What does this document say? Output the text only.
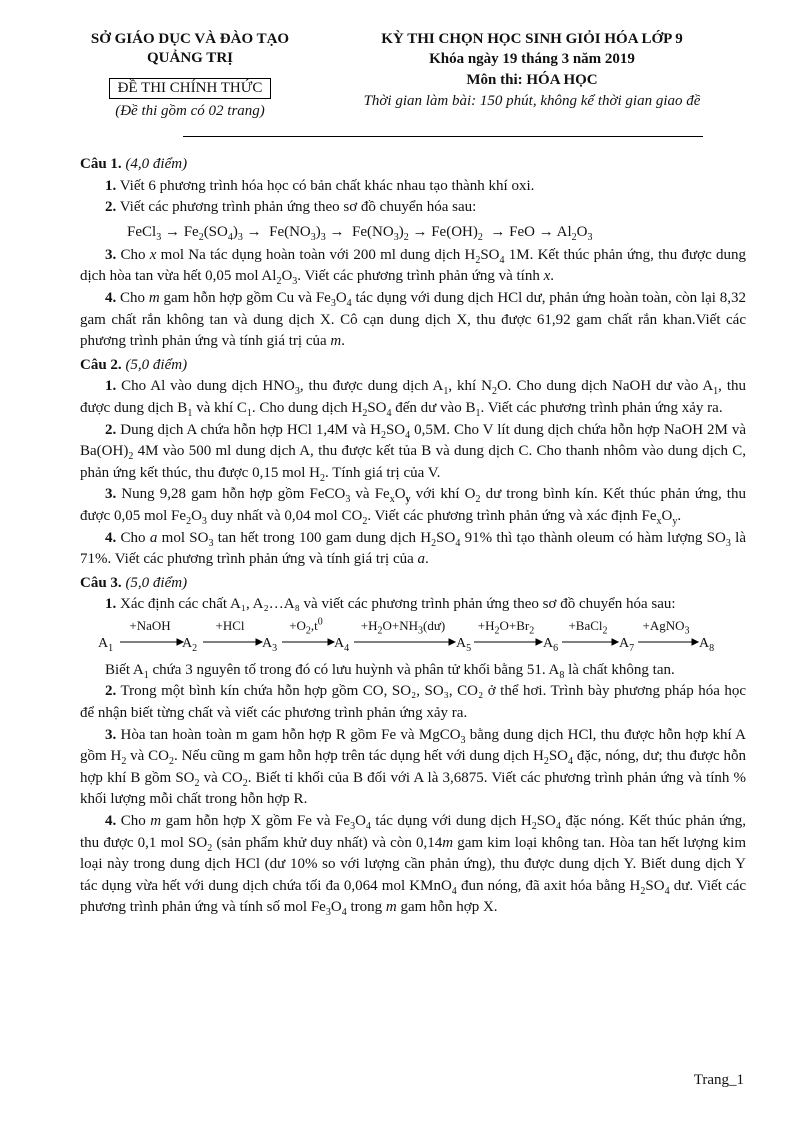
SỞ GIÁO DỤC VÀ ĐÀO TẠO
QUẢNG TRỊ
ĐỀ THI CHÍNH THỨC
(Đề thi gồm có 02 trang)
KỲ THI CHỌN HỌC SINH GIỎI HÓA LỚP 9
Khóa ngày 19 tháng 3 năm 2019
Môn thi: HÓA HỌC
Thời gian làm bài: 150 phút, không kể thời gian giao đề

Câu 1. (4,0 điểm)

1. Viết 6 phương trình hóa học có bản chất khác nhau tạo thành khí oxi.

2. Viết các phương trình phản ứng theo sơ đồ chuyển hóa sau:

FeCl$_3$ → $Fe_2(SO_4)_3 \to Fe(NO_3)_3 \to Fe(NO_3)_2 \to Fe(OH)_2$  → FeO → $Al_2O_3$

3. Cho x mol Na tác dụng hoàn toàn với 200 ml dung dịch $H_2SO_4$ 1M. Kết thúc phản ứng, thu được dung dịch hòa tan vừa hết 0,05 mol $Al_2O_3$. Viết các phương trình phản ứng và tính x.

4. Cho m gam hỗn hợp gồm Cu và $Fe_3O_4$ tác dụng với dung dịch HCl dư, phản ứng hoàn toàn, còn lại 8,32 gam chất rắn không tan và dung dịch X. Cô cạn dung dịch X, thu được 61,92 gam chất rắn khan.Viết các phương trình phản ứng và tính giá trị của m.

Câu 2. (5,0 điểm)

1. Cho Al vào dung dịch $HNO_3$, thu được dung dịch $A_1$, khí $N_2O$. Cho dung dịch NaOH dư vào $A_1$, thu được dung dịch $B_1$ và khí $C_1$. Cho dung dịch $H_2SO_4$ đến dư vào $B_1$. Viết các phương trình phản ứng xảy ra.

2. Dung dịch A chứa hỗn hợp HCl 1,4M và $H_2SO_4$ 0,5M. Cho V lít dung dịch chứa hỗn hợp NaOH 2M và $Ba(OH)_2$ 4M vào 500 ml dung dịch A, thu được kết tủa B và dung dịch C. Cho thanh nhôm vào dung dịch C, phản ứng kết thúc, thu được 0,15 mol $H_2$. Tính giá trị của V.

3. Nung 9,28 gam hỗn hợp gồm FeCO$_3$ và $Fe_xO_y$ với khí $O_2$ dư trong bình kín. Kết thúc phản ứng, thu được 0,05 mol $Fe_2O_3$ duy nhất và 0,04 mol $CO_2$. Viết các phương trình phản ứng và xác định $Fe_xO_y$.

4. Cho a mol $SO_3$ tan hết trong 100 gam dung dịch $H_2SO_4$ 91% thì tạo thành oleum có hàm lượng $SO_3$ là 71%. Viết các phương trình phản ứng và tính giá trị của a.

Câu 3. (5,0 điểm)

1. Xác định các chất A₁, A₂…A₈ và viết các phương trình phản ứng theo sơ đồ chuyển hóa sau:

$A_1$	$A_2$	$A_3$	$A_4$	$A_5$	$A_6$	$A_7$	$A_8$
+NaOH	+HCl	$+O_2,t^0$	$+H_2O+NH_3(dư)$	$+H_2O+Br_2$	+BaCl$_2$	+AgNO$_3$

Biết $A_1$ chứa 3 nguyên tố trong đó có lưu huỳnh và phân tử khối bằng 51. $A_8$ là chất không tan.

2. Trong một bình kín chứa hỗn hợp gồm CO, SO₂, SO₃, CO₂ ở thể hơi. Trình bày phương pháp hóa học để nhận biết từng chất và viết các phương trình phản ứng xảy ra.

3. Hòa tan hoàn toàn m gam hỗn hợp R gồm Fe và MgCO$_3$ bằng dung dịch HCl, thu được hỗn hợp khí A gồm $H_2$ và $CO_2$. Nếu cũng m gam hỗn hợp trên tác dụng hết với dung dịch $H_2SO_4$ đặc, nóng, dư; thu được hỗn hợp khí B gồm $SO_2$ và $CO_2$. Biết tỉ khối của B đối với A là 3,6875. Viết các phương trình phản ứng và tính % khối lượng mỗi chất trong hỗn hợp R.

4. Cho m gam hỗn hợp X gồm Fe và $Fe_3O_4$ tác dụng với dung dịch $H_2SO_4$ đặc nóng. Kết thúc phản ứng, thu được 0,1 mol $SO_2$ (sản phẩm khử duy nhất) và còn 0,14m gam kim loại không tan. Hòa tan hết lượng kim loại này trong dung dịch HCl (dư 10% so với lượng cần phản ứng), thu được dung dịch Y. Biết dung dịch Y tác dụng vừa hết với dung dịch chứa tối đa 0,064 mol KMnO$_4$ đun nóng, đã axit hóa bằng $H_2SO_4$ dư. Viết các phương trình phản ứng và tính số mol $Fe_3O_4$ trong m gam hỗn hợp X.

Trang_1
